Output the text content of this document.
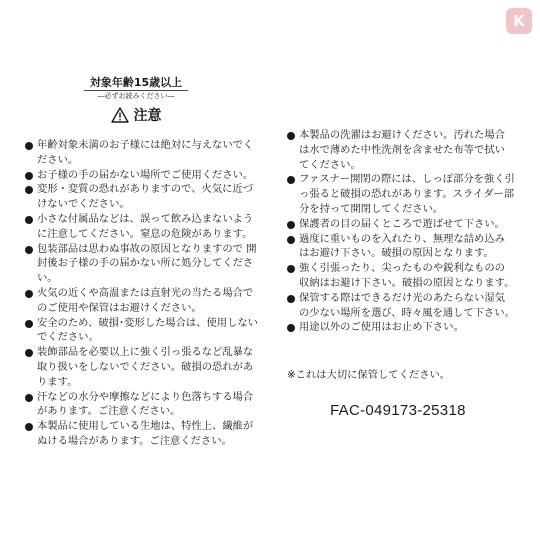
K
対象年齢15歳以上
―必ずお読みください―
注意
年齢対象未満のお子様には絶対に与えないでください。
お子様の手の届かない場所でご使用ください。
変形・変質の恐れがありますので、火気に近づけないでください。
小さな付属品などは、誤って飲み込まないように注意してください。窒息の危険があります。
包装部品は思わぬ事故の原因となりますので 開封後お子様の手の届かない所に処分してください。
火気の近くや高温または直射光の当たる場合でのご使用や保管はお避けください。
安全のため、破損･変形した場合は、使用しないでください。
装飾部品を必要以上に強く引っ張るなど乱暴な取り扱いをしないでください。破損の恐れがあります。
汗などの水分や摩擦などにより色落ちする場合があります。ご注意ください。
本製品に使用している生地は、特性上、繊維がぬける場合があります。ご注意ください。
本製品の洗濯はお避けください。汚れた場合は水で薄めた中性洗剤を含ませた布等で拭いてください。
ファスナー開閉の際には、しっぽ部分を強く引っ張ると破損の恐れがあります。スライダー部分を持って開閉してください。
保護者の目の届くところで遊ばせて下さい。
過度に重いものを入れたり、無理な詰め込みはお避け下さい。破損の原因となります。
強く引張ったり、尖ったものや鋭利なものの収納はお避け下さい。破損の原因となります。
保管する際はできるだけ光のあたらない湿気の少ない場所を選び、時々風を通して下さい。
用途以外のご使用はお止め下さい。
※これは大切に保管してください。
FAC-049173-25318
